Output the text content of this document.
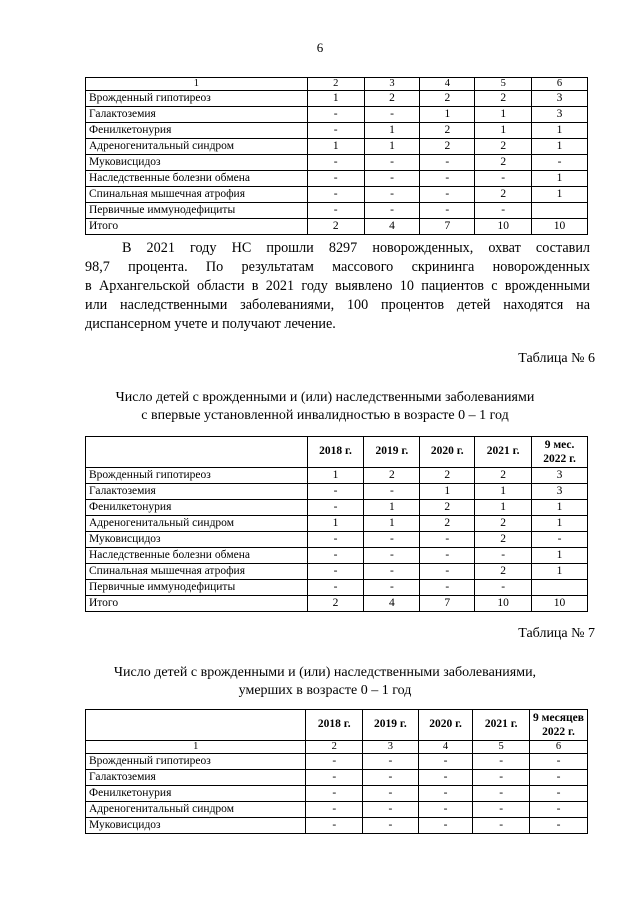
6
1	2	3	4	5	6
Врожденный гипотиреоз	1	2	2	2	3
Галактоземия	-	-	1	1	3
Фенилкетонурия	-	1	2	1	1
Адреногенитальный синдром	1	1	2	2	1
Муковисцидоз	-	-	-	2	-
Наследственные болезни обмена	-	-	-	-	1
Спинальная мышечная атрофия	-	-	-	2	1
Первичные иммунодефициты	-	-	-	-	
Итого	2	4	7	10	10
В 2021 году НС прошли 8297 новорожденных, охват составил
98,7 процента. По результатам массового скрининга новорожденных
в Архангельской области в 2021 году выявлено 10 пациентов с врожденными
или наследственными заболеваниями, 100 процентов детей находятся на
диспансерном учете и получают лечение.
Таблица № 6
Число детей с врожденными и (или) наследственными заболеваниями
с впервые установленной инвалидностью в возрасте 0 – 1 год
	2018 г.	2019 г.	2020 г.	2021 г.	9 мес.
2022 г.
Врожденный гипотиреоз	1	2	2	2	3
Галактоземия	-	-	1	1	3
Фенилкетонурия	-	1	2	1	1
Адреногенитальный синдром	1	1	2	2	1
Муковисцидоз	-	-	-	2	-
Наследственные болезни обмена	-	-	-	-	1
Спинальная мышечная атрофия	-	-	-	2	1
Первичные иммунодефициты	-	-	-	-	
Итого	2	4	7	10	10
Таблица № 7
Число детей с врожденными и (или) наследственными заболеваниями,
умерших в возрасте 0 – 1 год
	2018 г.	2019 г.	2020 г.	2021 г.	9 месяцев
2022 г.
1	2	3	4	5	6
Врожденный гипотиреоз	-	-	-	-	-
Галактоземия	-	-	-	-	-
Фенилкетонурия	-	-	-	-	-
Адреногенитальный синдром	-	-	-	-	-
Муковисцидоз	-	-	-	-	-
